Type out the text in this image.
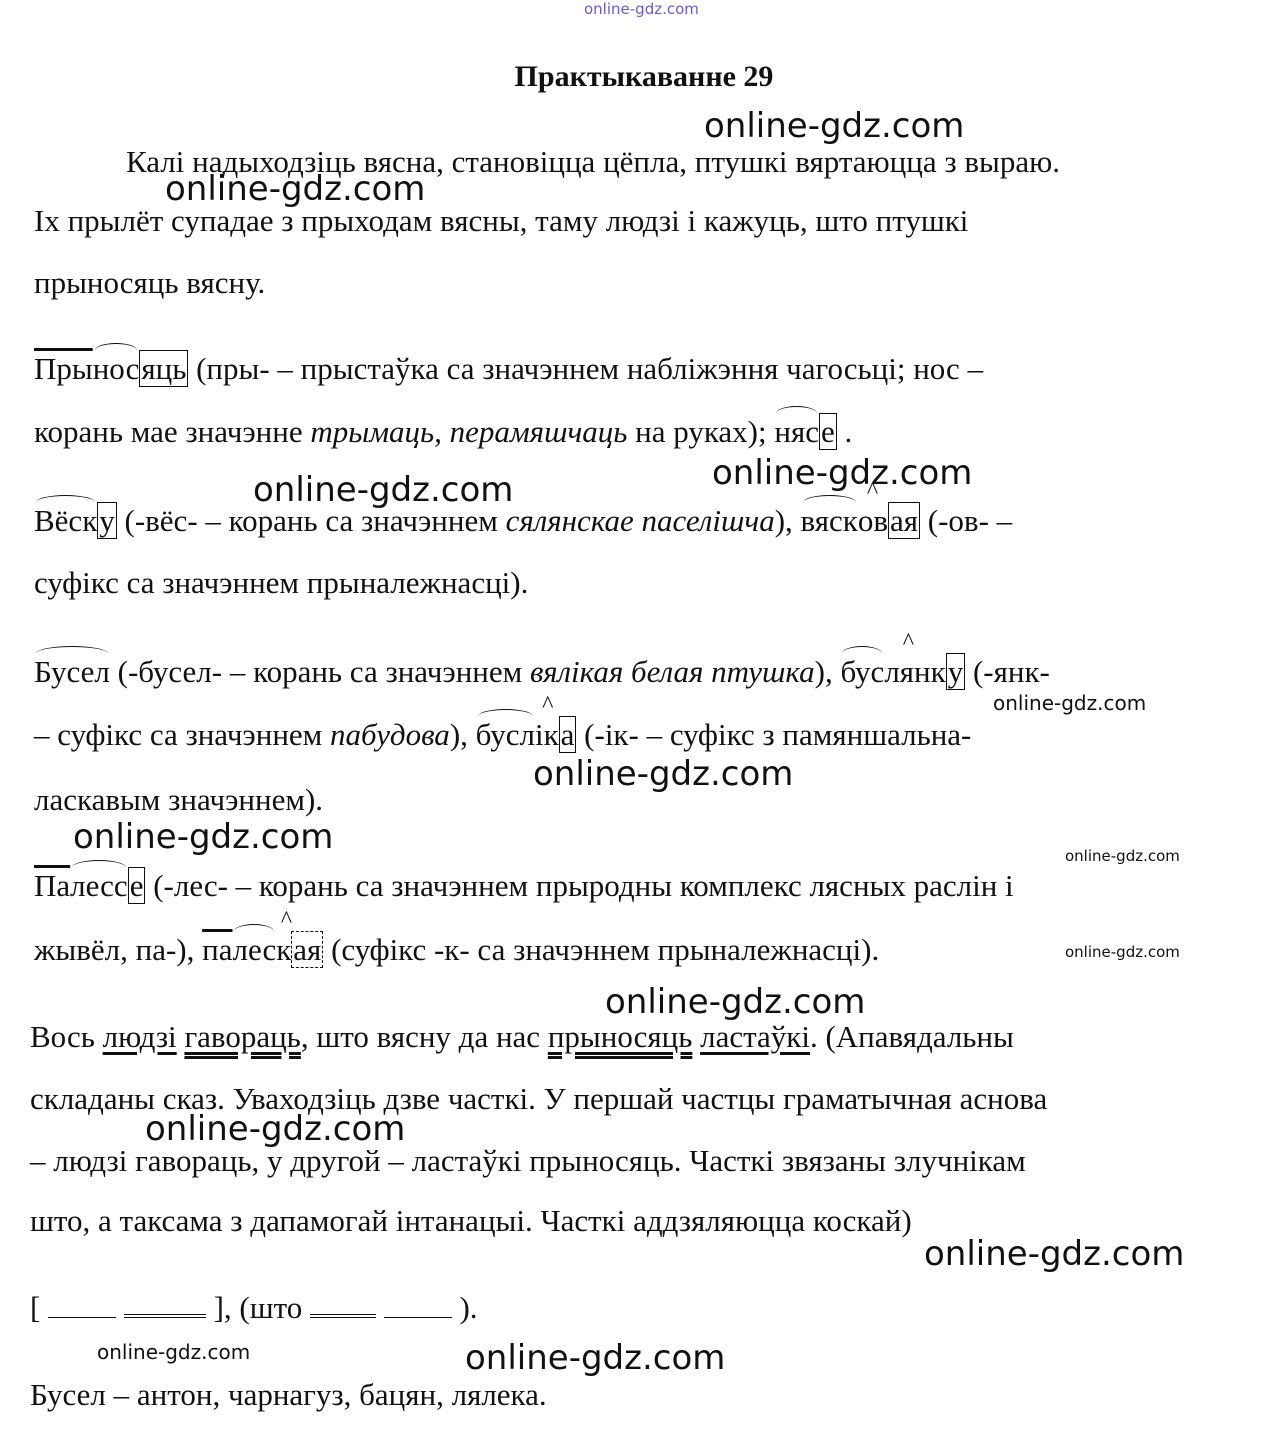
online-gdz.com
Практыкаванне 29
Калі надыходзіць вясна, становіцца цёпла, птушкі вяртаюцца з выраю.
Іх прылёт супадае з прыходам вясны, таму людзі і кажуць, што птушкі
прыносяць вясну.
Прыносяць (пры- – прыстаўка са значэннем набліжэння чагосьці; нос –
корань мае значэнне трымаць, перамяшчаць на руках); нясе .
Вёску (-вёс- – корань са значэннем сялянскае паселішча), вяск^ овая (-ов- –
суфікс са значэннем прыналежнасці).
Бусел (-бусел- – корань са значэннем вялікая белая птушка), бус^ лянку (-янк-
– суфікс са значэннем пабудова), бусл^ іка (-ік- – суфікс з памяншальна-
ласкавым значэннем).
Палессе (-лес- – корань са значэннем прыродны комплекс лясных раслін і
жывёл, па-), палес^ кая (суфікс -к- са значэннем прыналежнасці).
Вось людзі гавораць, што вясну да нас прыносяць ластаўкі. (Апавядальны
складаны сказ. Уваходзіць дзве часткі. У першай частцы граматычная аснова
– людзі гавораць, у другой – ластаўкі прыносяць. Часткі звязаны злучнікам
што, а таксама з дапамогай інтанацыі. Часткі аддзяляюцца коскай)
[	], (што	).
Бусел – антон, чарнагуз, бацян, лялека.
online-gdz.com
online-gdz.com
online-gdz.com
online-gdz.com
online-gdz.com
online-gdz.com
online-gdz.com	online-gdz.com
online-gdz.com
online-gdz.com
online-gdz.com
online-gdz.com
online-gdz.com	online-gdz.com
